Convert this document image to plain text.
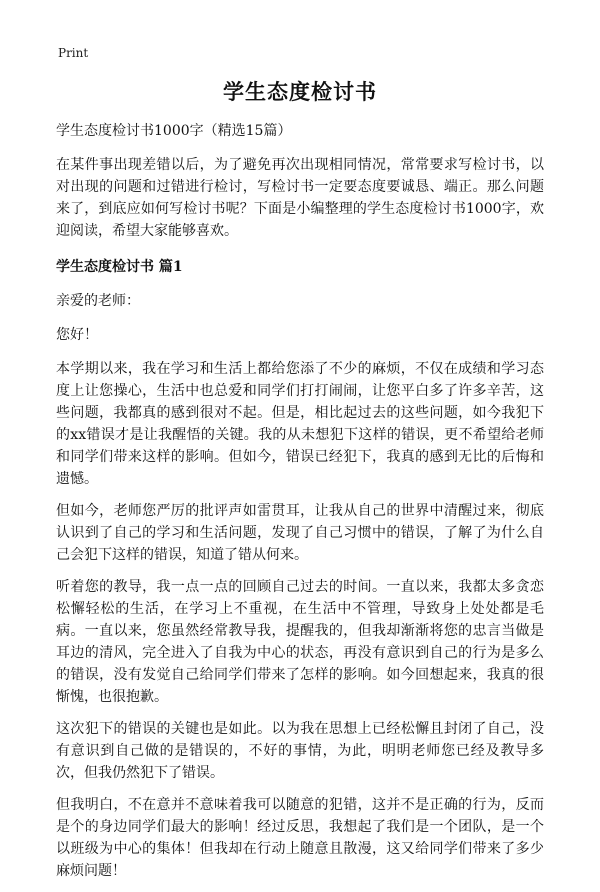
Print
学生态度检讨书

学生态度检讨书1000字（精选15篇）

在某件事出现差错以后，为了避免再次出现相同情况，常常要求写检讨书，以对出现的问题和过错进行检讨，写检讨书一定要态度要诚恳、端正。那么问题来了，到底应如何写检讨书呢？下面是小编整理的学生态度检讨书1000字，欢迎阅读，希望大家能够喜欢。

学生态度检讨书 篇1

亲爱的老师：

您好！

本学期以来，我在学习和生活上都给您添了不少的麻烦，不仅在成绩和学习态度上让您操心，生活中也总爱和同学们打打闹闹，让您平白多了许多辛苦，这些问题，我都真的感到很对不起。但是，相比起过去的这些问题，如今我犯下的xx错误才是让我醒悟的关键。我的从未想犯下这样的错误，更不希望给老师和同学们带来这样的影响。但如今，错误已经犯下，我真的感到无比的后悔和遗憾。

但如今，老师您严厉的批评声如雷贯耳，让我从自己的世界中清醒过来，彻底认识到了自己的学习和生活问题，发现了自己习惯中的错误，了解了为什么自己会犯下这样的错误，知道了错从何来。

听着您的教导，我一点一点的回顾自己过去的时间。一直以来，我都太多贪恋松懈轻松的生活，在学习上不重视，在生活中不管理，导致身上处处都是毛病。一直以来，您虽然经常教导我，提醒我的，但我却渐渐将您的忠言当做是耳边的清风，完全进入了自我为中心的状态，再没有意识到自己的行为是多么的错误，没有发觉自己给同学们带来了怎样的影响。如今回想起来，我真的很惭愧，也很抱歉。

这次犯下的错误的关键也是如此。以为我在思想上已经松懈且封闭了自己，没有意识到自己做的是错误的，不好的事情，为此，明明老师您已经及教导多次，但我仍然犯下了错误。

但我明白，不在意并不意味着我可以随意的犯错，这并不是正确的行为，反而是个的身边同学们最大的影响！经过反思，我想起了我们是一个团队，是一个以班级为中心的集体！但我却在行动上随意且散漫，这又给同学们带来了多少麻烦问题！
